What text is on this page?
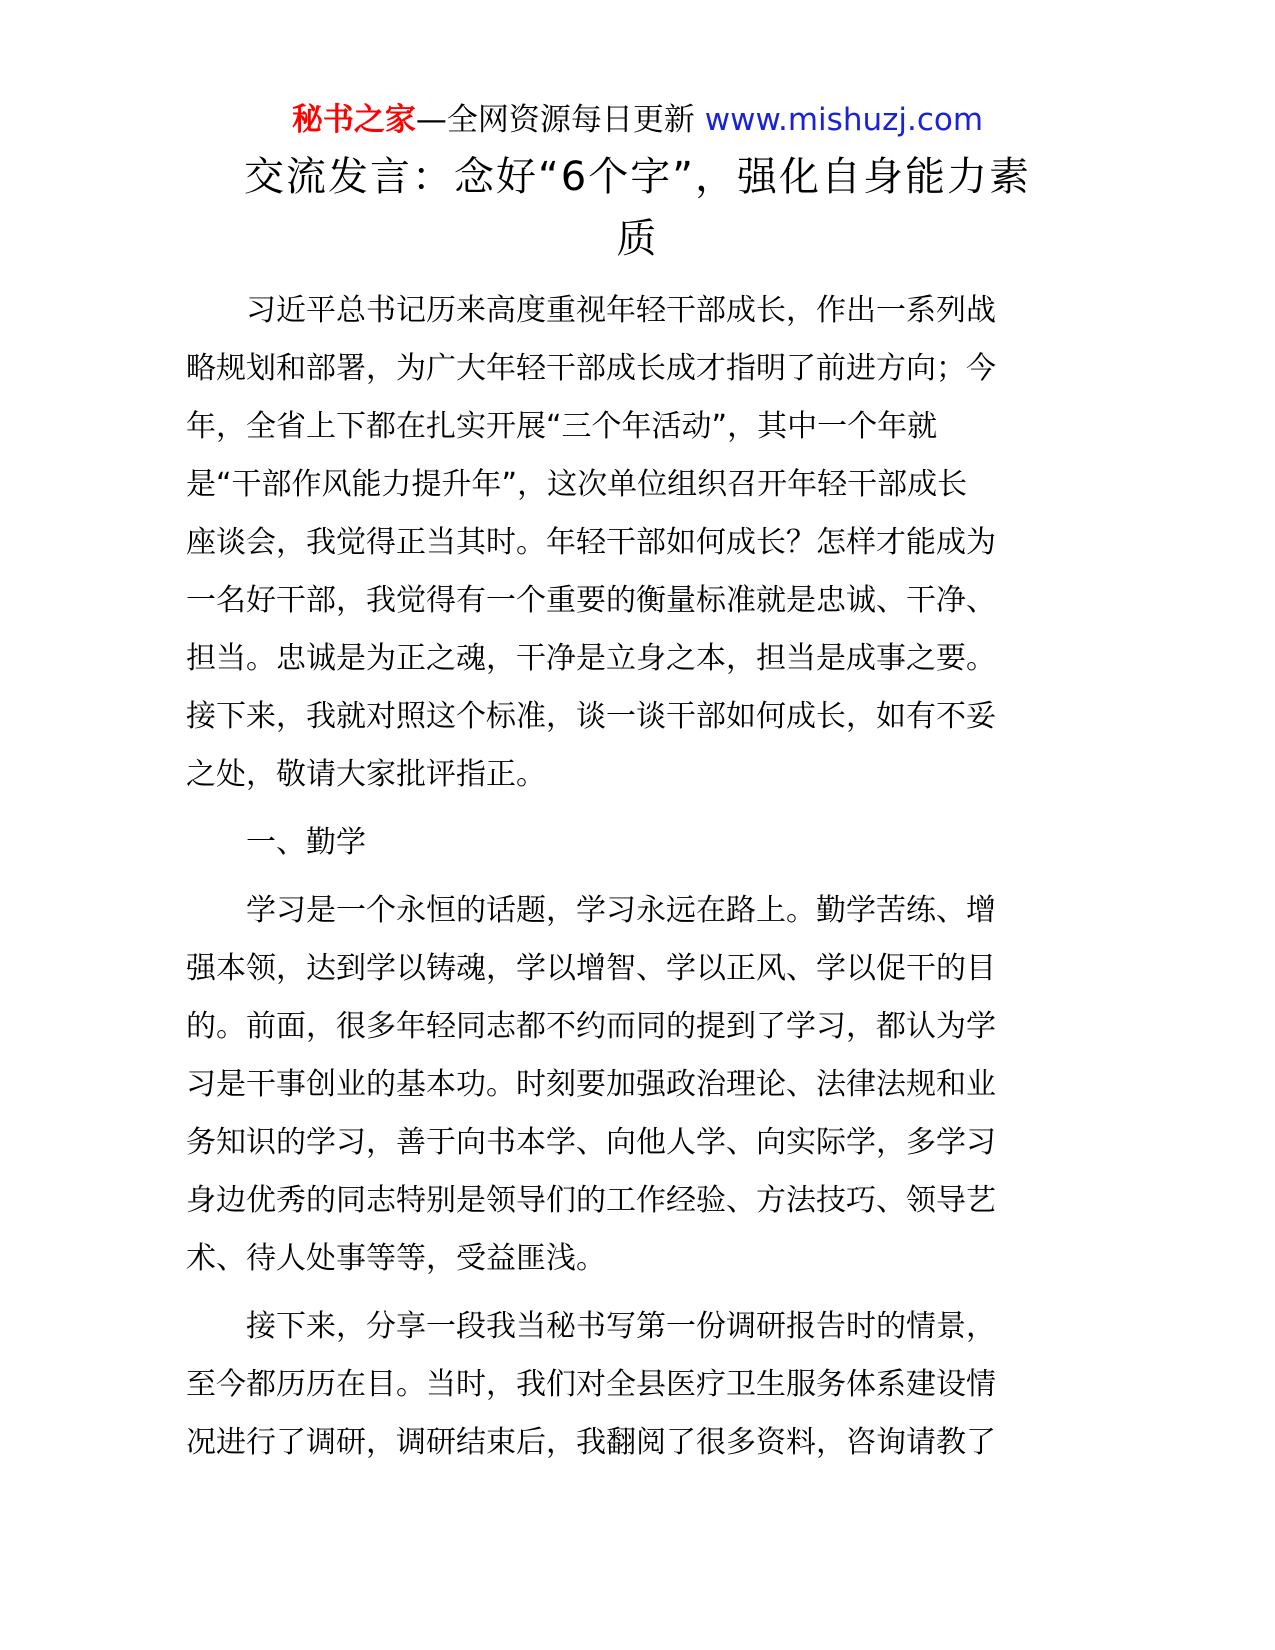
秘书之家—全网资源每日更新 www.mishuzj.com
交流发言：念好“6个字”，强化自身能力素
质

　　习近平总书记历来高度重视年轻干部成长，作出一系列战
略规划和部署，为广大年轻干部成长成才指明了前进方向；今
年，全省上下都在扎实开展“三个年活动”，其中一个年就
是“干部作风能力提升年”，这次单位组织召开年轻干部成长
座谈会，我觉得正当其时。年轻干部如何成长？怎样才能成为
一名好干部，我觉得有一个重要的衡量标准就是忠诚、干净、
担当。忠诚是为正之魂，干净是立身之本，担当是成事之要。
接下来，我就对照这个标准，谈一谈干部如何成长，如有不妥
之处，敬请大家批评指正。

　　一、勤学

　　学习是一个永恒的话题，学习永远在路上。勤学苦练、增
强本领，达到学以铸魂，学以增智、学以正风、学以促干的目
的。前面，很多年轻同志都不约而同的提到了学习，都认为学
习是干事创业的基本功。时刻要加强政治理论、法律法规和业
务知识的学习，善于向书本学、向他人学、向实际学，多学习
身边优秀的同志特别是领导们的工作经验、方法技巧、领导艺
术、待人处事等等，受益匪浅。

　　接下来，分享一段我当秘书写第一份调研报告时的情景，
至今都历历在目。当时，我们对全县医疗卫生服务体系建设情
况进行了调研，调研结束后，我翻阅了很多资料，咨询请教了
